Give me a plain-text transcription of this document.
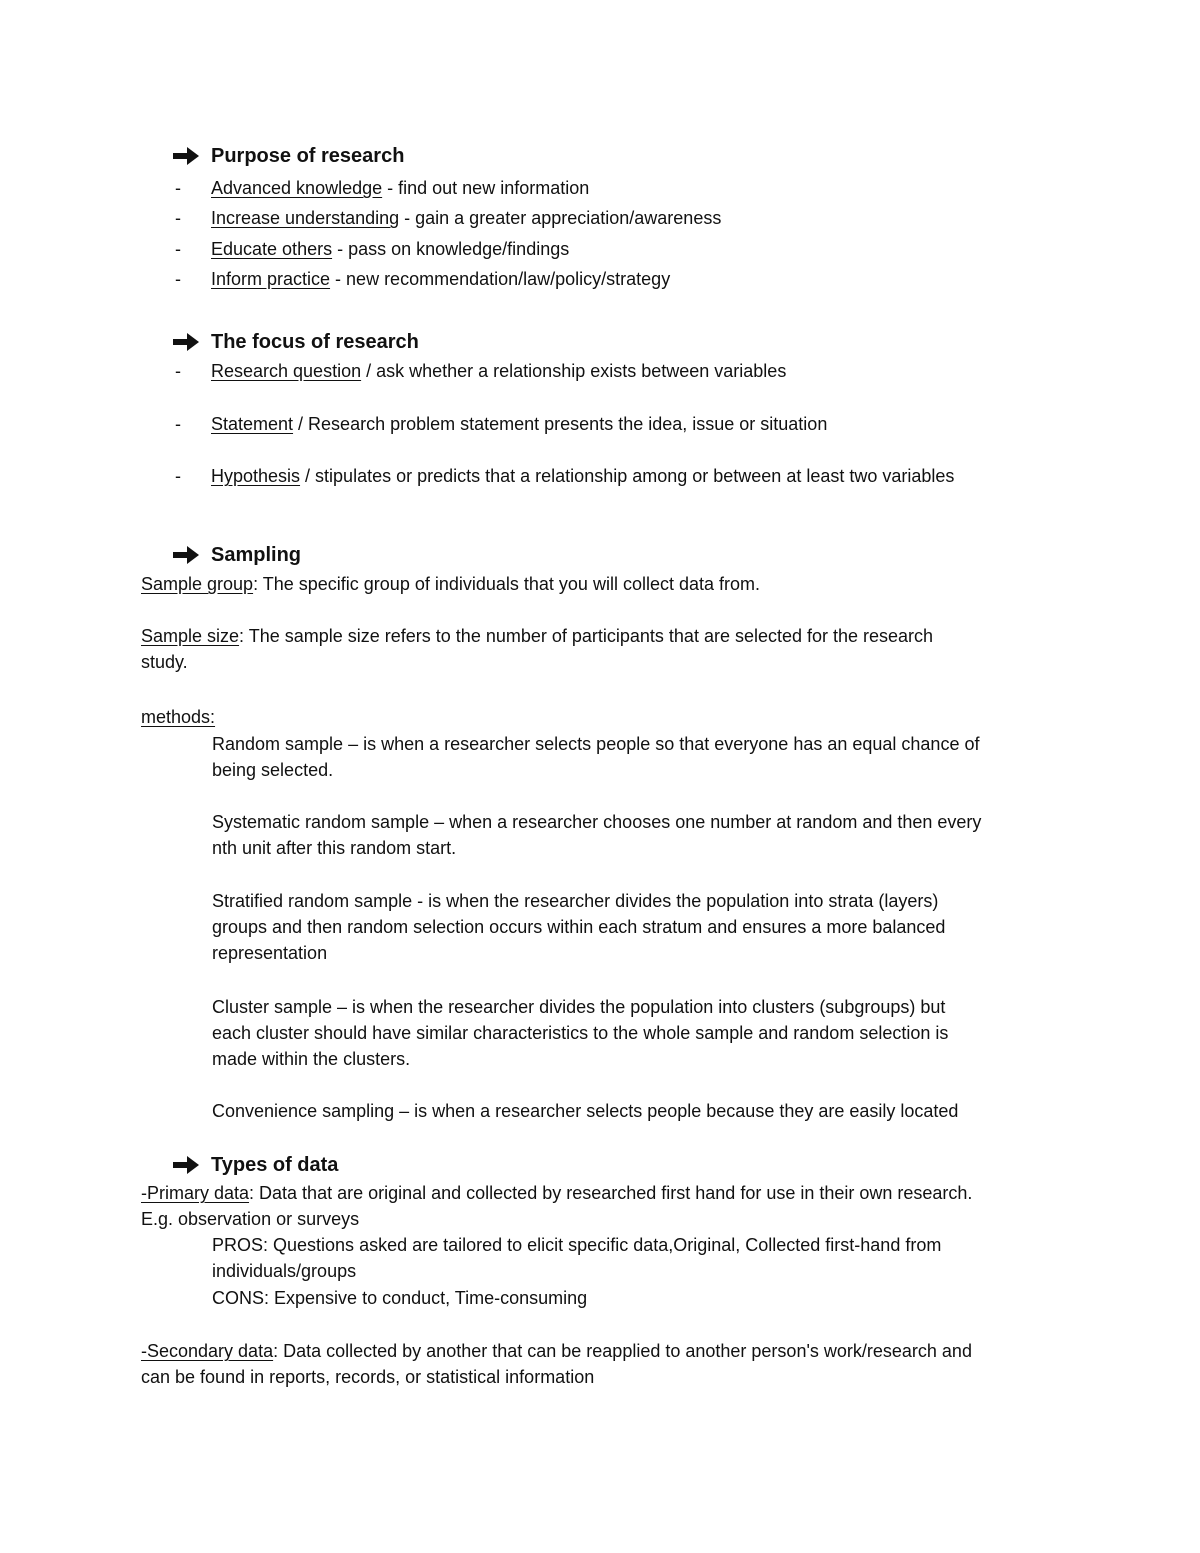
Purpose of research
- Advanced knowledge - find out new information
- Increase understanding - gain a greater appreciation/awareness
- Educate others - pass on knowledge/findings
- Inform practice - new recommendation/law/policy/strategy
The focus of research
- Research question / ask whether a relationship exists between variables
- Statement / Research problem statement presents the idea, issue or situation
- Hypothesis / stipulates or predicts that a relationship among or between at least two variables
Sampling
Sample group: The specific group of individuals that you will collect data from.
Sample size: The sample size refers to the number of participants that are selected for the research
study.
methods:
Random sample – is when a researcher selects people so that everyone has an equal chance of
being selected.
Systematic random sample – when a researcher chooses one number at random and then every
nth unit after this random start.
Stratified random sample - is when the researcher divides the population into strata (layers)
groups and then random selection occurs within each stratum and ensures a more balanced
representation
Cluster sample – is when the researcher divides the population into clusters (subgroups) but
each cluster should have similar characteristics to the whole sample and random selection is
made within the clusters.
Convenience sampling – is when a researcher selects people because they are easily located
Types of data
-Primary data: Data that are original and collected by researched first hand for use in their own research.
E.g. observation or surveys
PROS: Questions asked are tailored to elicit specific data,Original, Collected first-hand from
individuals/groups
CONS: Expensive to conduct, Time-consuming
-Secondary data: Data collected by another that can be reapplied to another person's work/research and
can be found in reports, records, or statistical information
